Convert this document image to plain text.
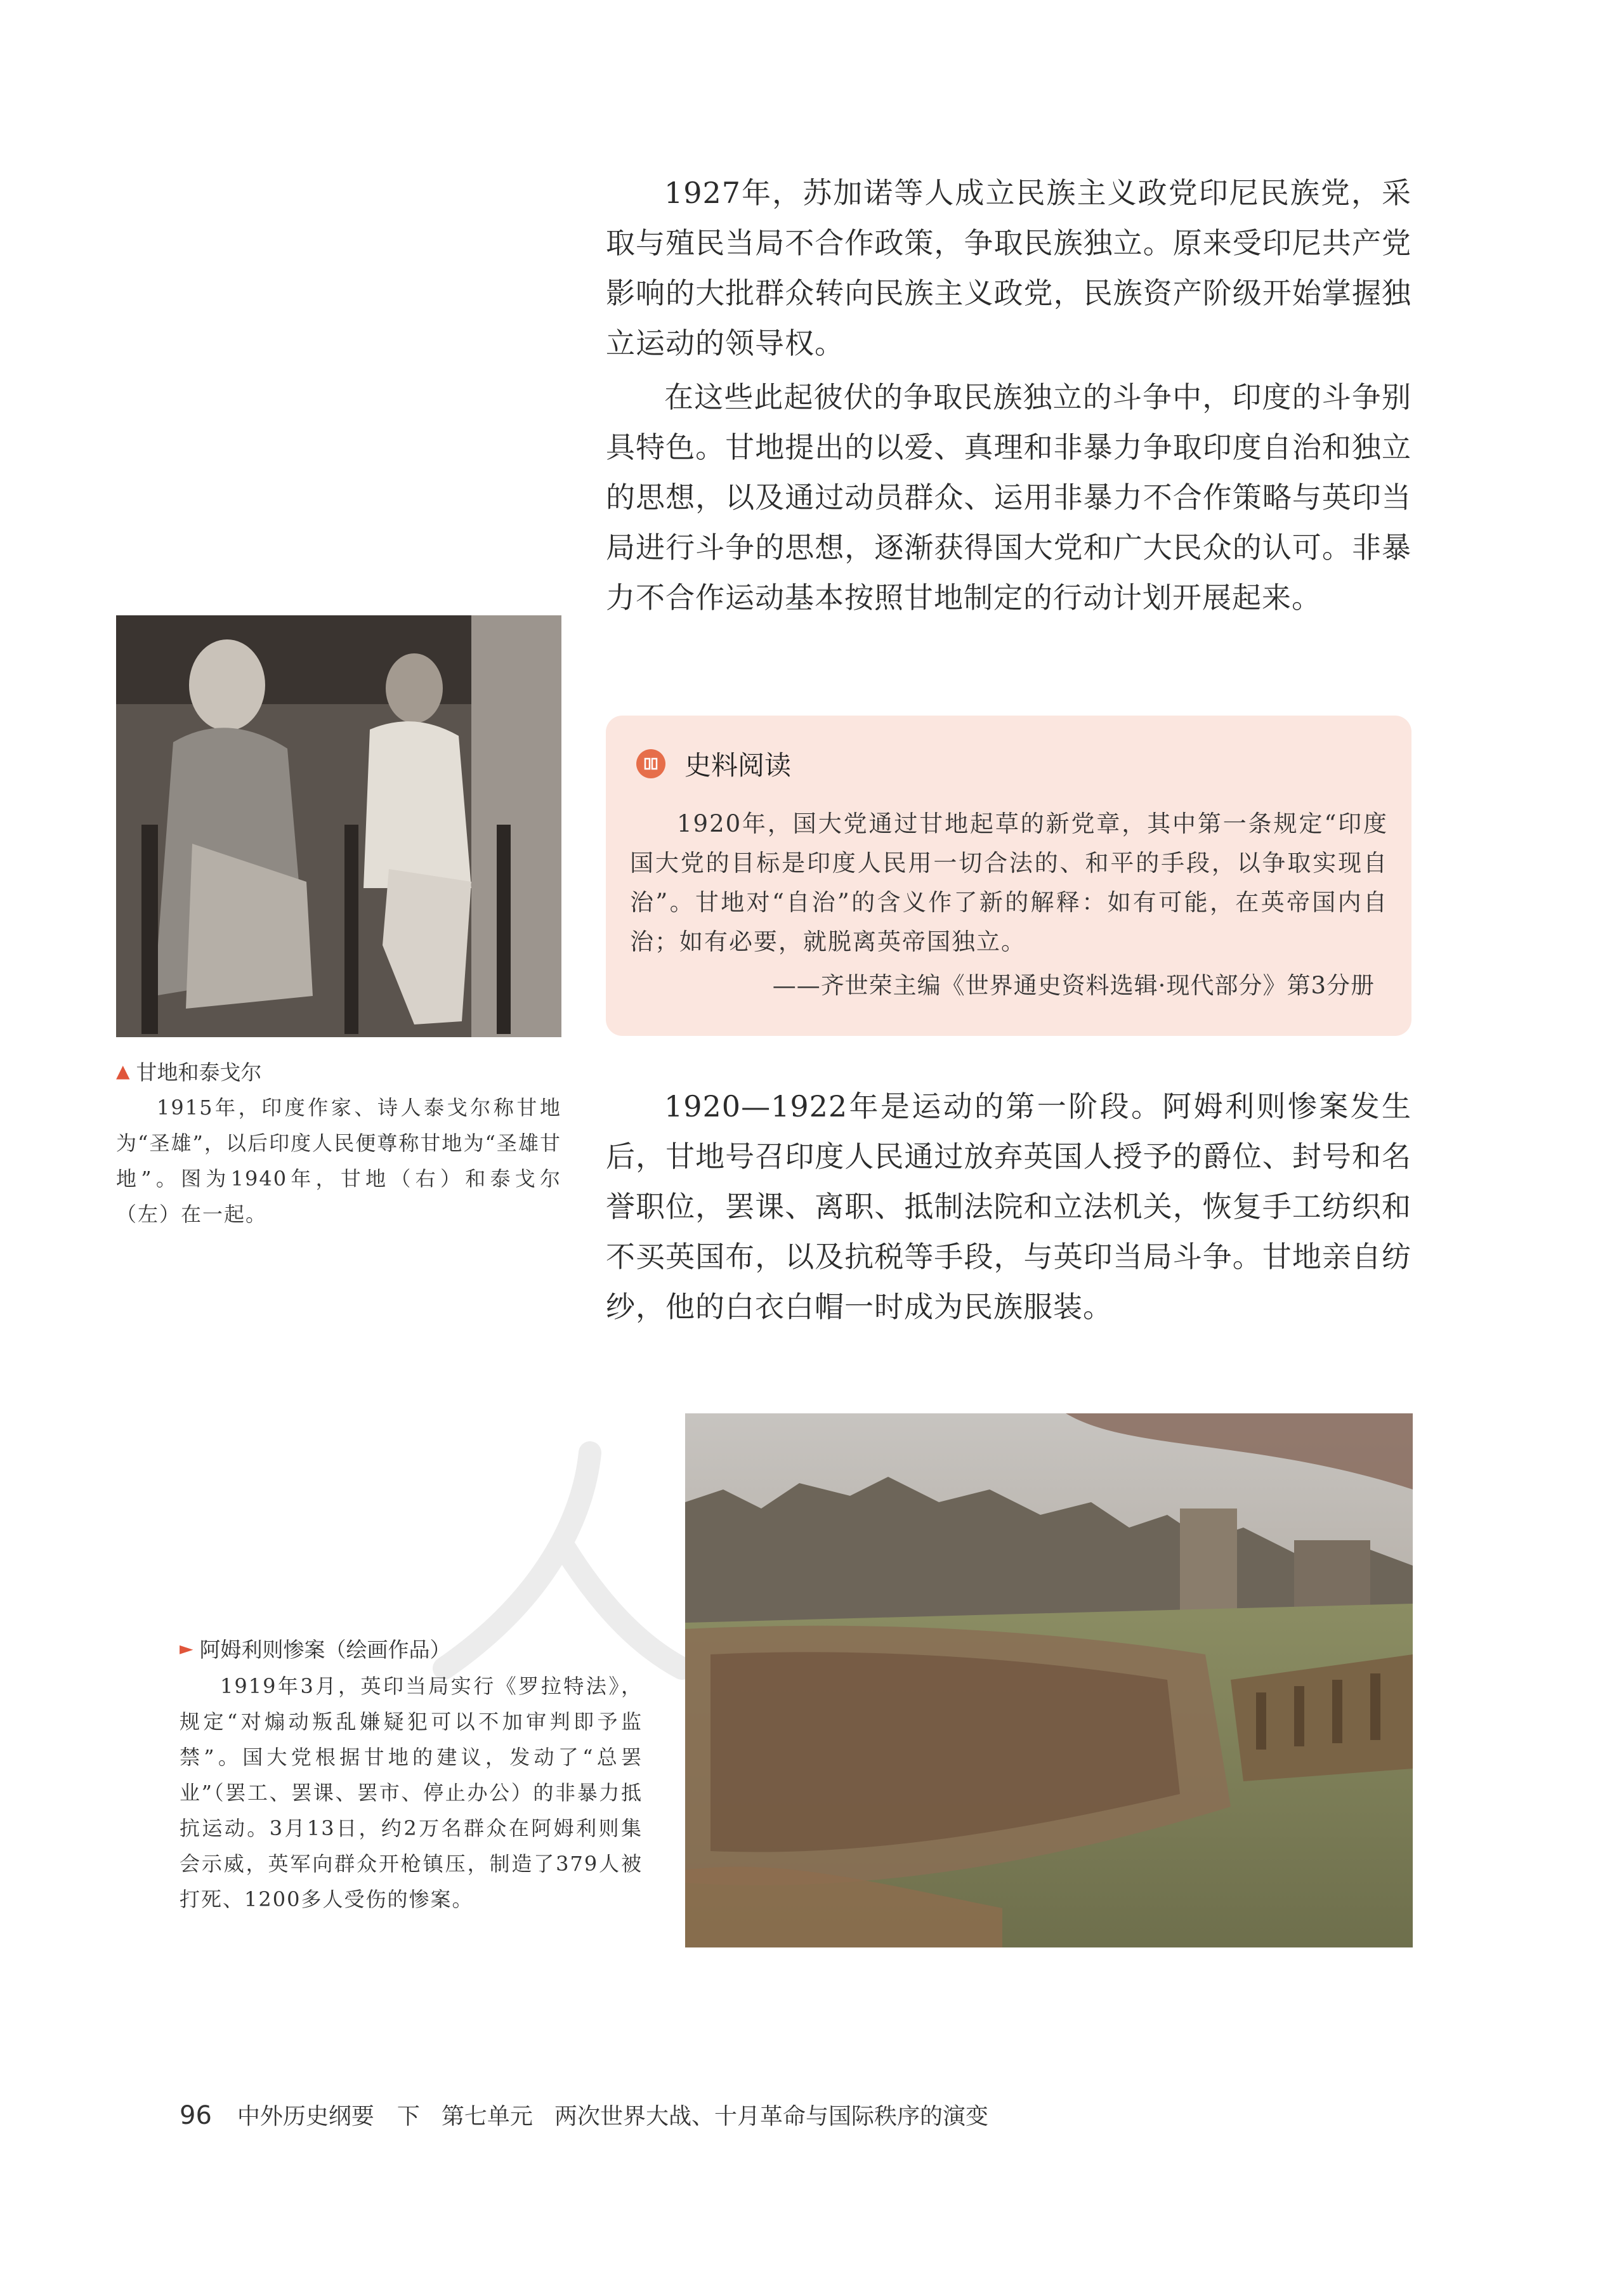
1927年，苏加诺等人成立民族主义政党印尼民族党，采取与殖民当局不合作政策，争取民族独立。原来受印尼共产党影响的大批群众转向民族主义政党，民族资产阶级开始掌握独立运动的领导权。

在这些此起彼伏的争取民族独立的斗争中，印度的斗争别具特色。甘地提出的以爱、真理和非暴力争取印度自治和独立的思想，以及通过动员群众、运用非暴力不合作策略与英印当局进行斗争的思想，逐渐获得国大党和广大民众的认可。非暴力不合作运动基本按照甘地制定的行动计划开展起来。

▲ 甘地和泰戈尔

1915年，印度作家、诗人泰戈尔称甘地为“圣雄”，以后印度人民便尊称甘地为“圣雄甘地”。图为1940年，甘地（右）和泰戈尔（左）在一起。

史料阅读

1920年，国大党通过甘地起草的新党章，其中第一条规定“印度国大党的目标是印度人民用一切合法的、和平的手段，以争取实现自治”。甘地对“自治”的含义作了新的解释：如有可能，在英帝国内自治；如有必要，就脱离英帝国独立。

——齐世荣主编《世界通史资料选辑·现代部分》第3分册

1920—1922年是运动的第一阶段。阿姆利则惨案发生后，甘地号召印度人民通过放弃英国人授予的爵位、封号和名誉职位，罢课、离职、抵制法院和立法机关，恢复手工纺织和不买英国布，以及抗税等手段，与英印当局斗争。甘地亲自纺纱，他的白衣白帽一时成为民族服装。

► 阿姆利则惨案（绘画作品）

1919年3月，英印当局实行《罗拉特法》，规定“对煽动叛乱嫌疑犯可以不加审判即予监禁”。国大党根据甘地的建议，发动了“总罢业”（罢工、罢课、罢市、停止办公）的非暴力抵抗运动。3月13日，约2万名群众在阿姆利则集会示威，英军向群众开枪镇压，制造了379人被打死、1200多人受伤的惨案。

96 中外历史纲要　下 第七单元 两次世界大战、十月革命与国际秩序的演变
